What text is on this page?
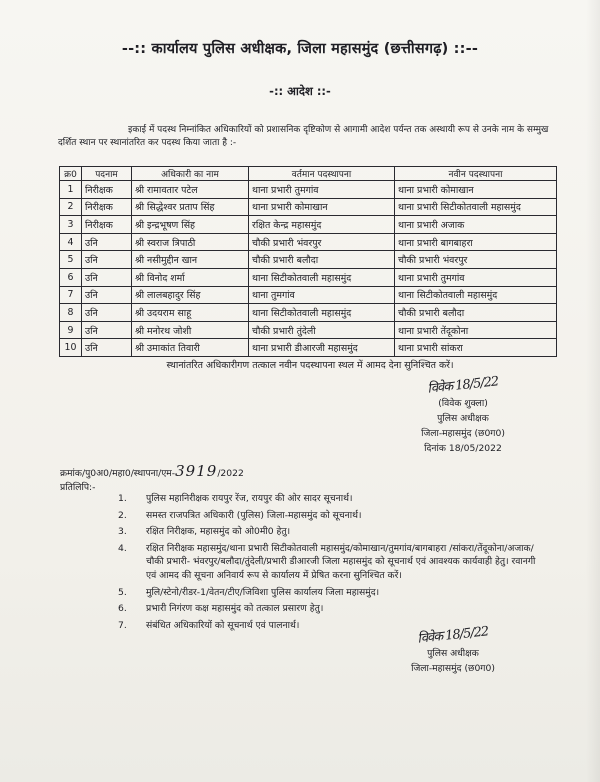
--:: कार्यालय पुलिस अधीक्षक, जिला महासमुंद (छत्तीसगढ़) ::--
-:: आदेश ::-
इकाई में पदस्थ निम्नांकित अधिकारियों को प्रशासनिक दृष्टिकोण से आगामी आदेश पर्यन्त तक अस्थायी रूप से उनके नाम के सम्मुख दर्शित स्थान पर स्थानांतरित कर पदस्थ किया जाता है :-
क्र0	पदनाम	अधिकारी का नाम	वर्तमान पदस्थापना	नवीन पदस्थापना
1	निरीक्षक	श्री रामावतार पटेल	थाना प्रभारी तुमगांव	थाना प्रभारी कोमाखान
2	निरीक्षक	श्री सिद्धेश्वर प्रताप सिंह	थाना प्रभारी कोमाखान	थाना प्रभारी सिटीकोतवाली महासमुंद
3	निरीक्षक	श्री इन्द्रभूषण सिंह	रक्षित केन्द्र महासमुंद	थाना प्रभारी अजाक
4	उनि	श्री स्वराज त्रिपाठी	चौकी प्रभारी भंवरपुर	थाना प्रभारी बागबाहरा
5	उनि	श्री नसीमुद्दीन खान	चौकी प्रभारी बलौदा	चौकी प्रभारी भंवरपुर
6	उनि	श्री विनोद शर्मा	थाना सिटीकोतवाली महासमुंद	थाना प्रभारी तुमगांव
7	उनि	श्री लालबहादुर सिंह	थाना तुमगांव	थाना सिटीकोतवाली महासमुंद
8	उनि	श्री उदयराम साहू	थाना सिटीकोतवाली महासमुंद	चौकी प्रभारी बलौदा
9	उनि	श्री मनोरथ जोशी	चौकी प्रभारी तुंदेली	थाना प्रभारी तेंदूकोना
10	उनि	श्री उमाकांत तिवारी	थाना प्रभारी डीआरजी महासमुंद	थाना प्रभारी सांकरा
स्थानांतरित अधिकारीगण तत्काल नवीन पदस्थापना स्थल में आमद देना सुनिश्चित करें।
विवेक 18/5/22
(विवेक शुक्ला)
पुलिस अधीक्षक
जिला-महासमुंद (छ0ग0)
दिनांक 18/05/2022
क्रमांक/पु0अ0/महा0/स्थापना/एम-3919/2022
प्रतिलिपि:-
1. पुलिस महानिरीक्षक रायपुर रेंज, रायपुर की ओर सादर सूचनार्थ।
2. समस्त राजपत्रित अधिकारी (पुलिस) जिला-महासमुंद को सूचनार्थ।
3. रक्षित निरीक्षक, महासमुंद को ओ0मी0 हेतु।
4. रक्षित निरीक्षक महासमुंद/थाना प्रभारी सिटीकोतवाली महासमुंद/कोमाखान/तुमगांव/बागबाहरा /सांकरा/तेंदूकोना/अजाक/चौकी प्रभारी- भंवरपुर/बलौदा/तुंदेली/प्रभारी डीआरजी जिला महासमुंद को सूचनार्थ एवं आवश्यक कार्यवाही हेतु। रवानगी एवं आमद की सूचना अनिवार्य रूप से कार्यालय में प्रेषित करना सुनिश्चित करें।
5. मुलि/स्टेनो/रीडर-1/वेतन/टीए/जिविशा पुलिस कार्यालय जिला महासमुंद।
6. प्रभारी निगंरण कक्ष महासमुंद को तत्काल प्रसारण हेतु।
7. संबंधित अधिकारियों को सूचनार्थ एवं पालनार्थ।	विवेक 18/5/22
पुलिस अधीक्षक
जिला-महासमुंद (छ0ग0)
